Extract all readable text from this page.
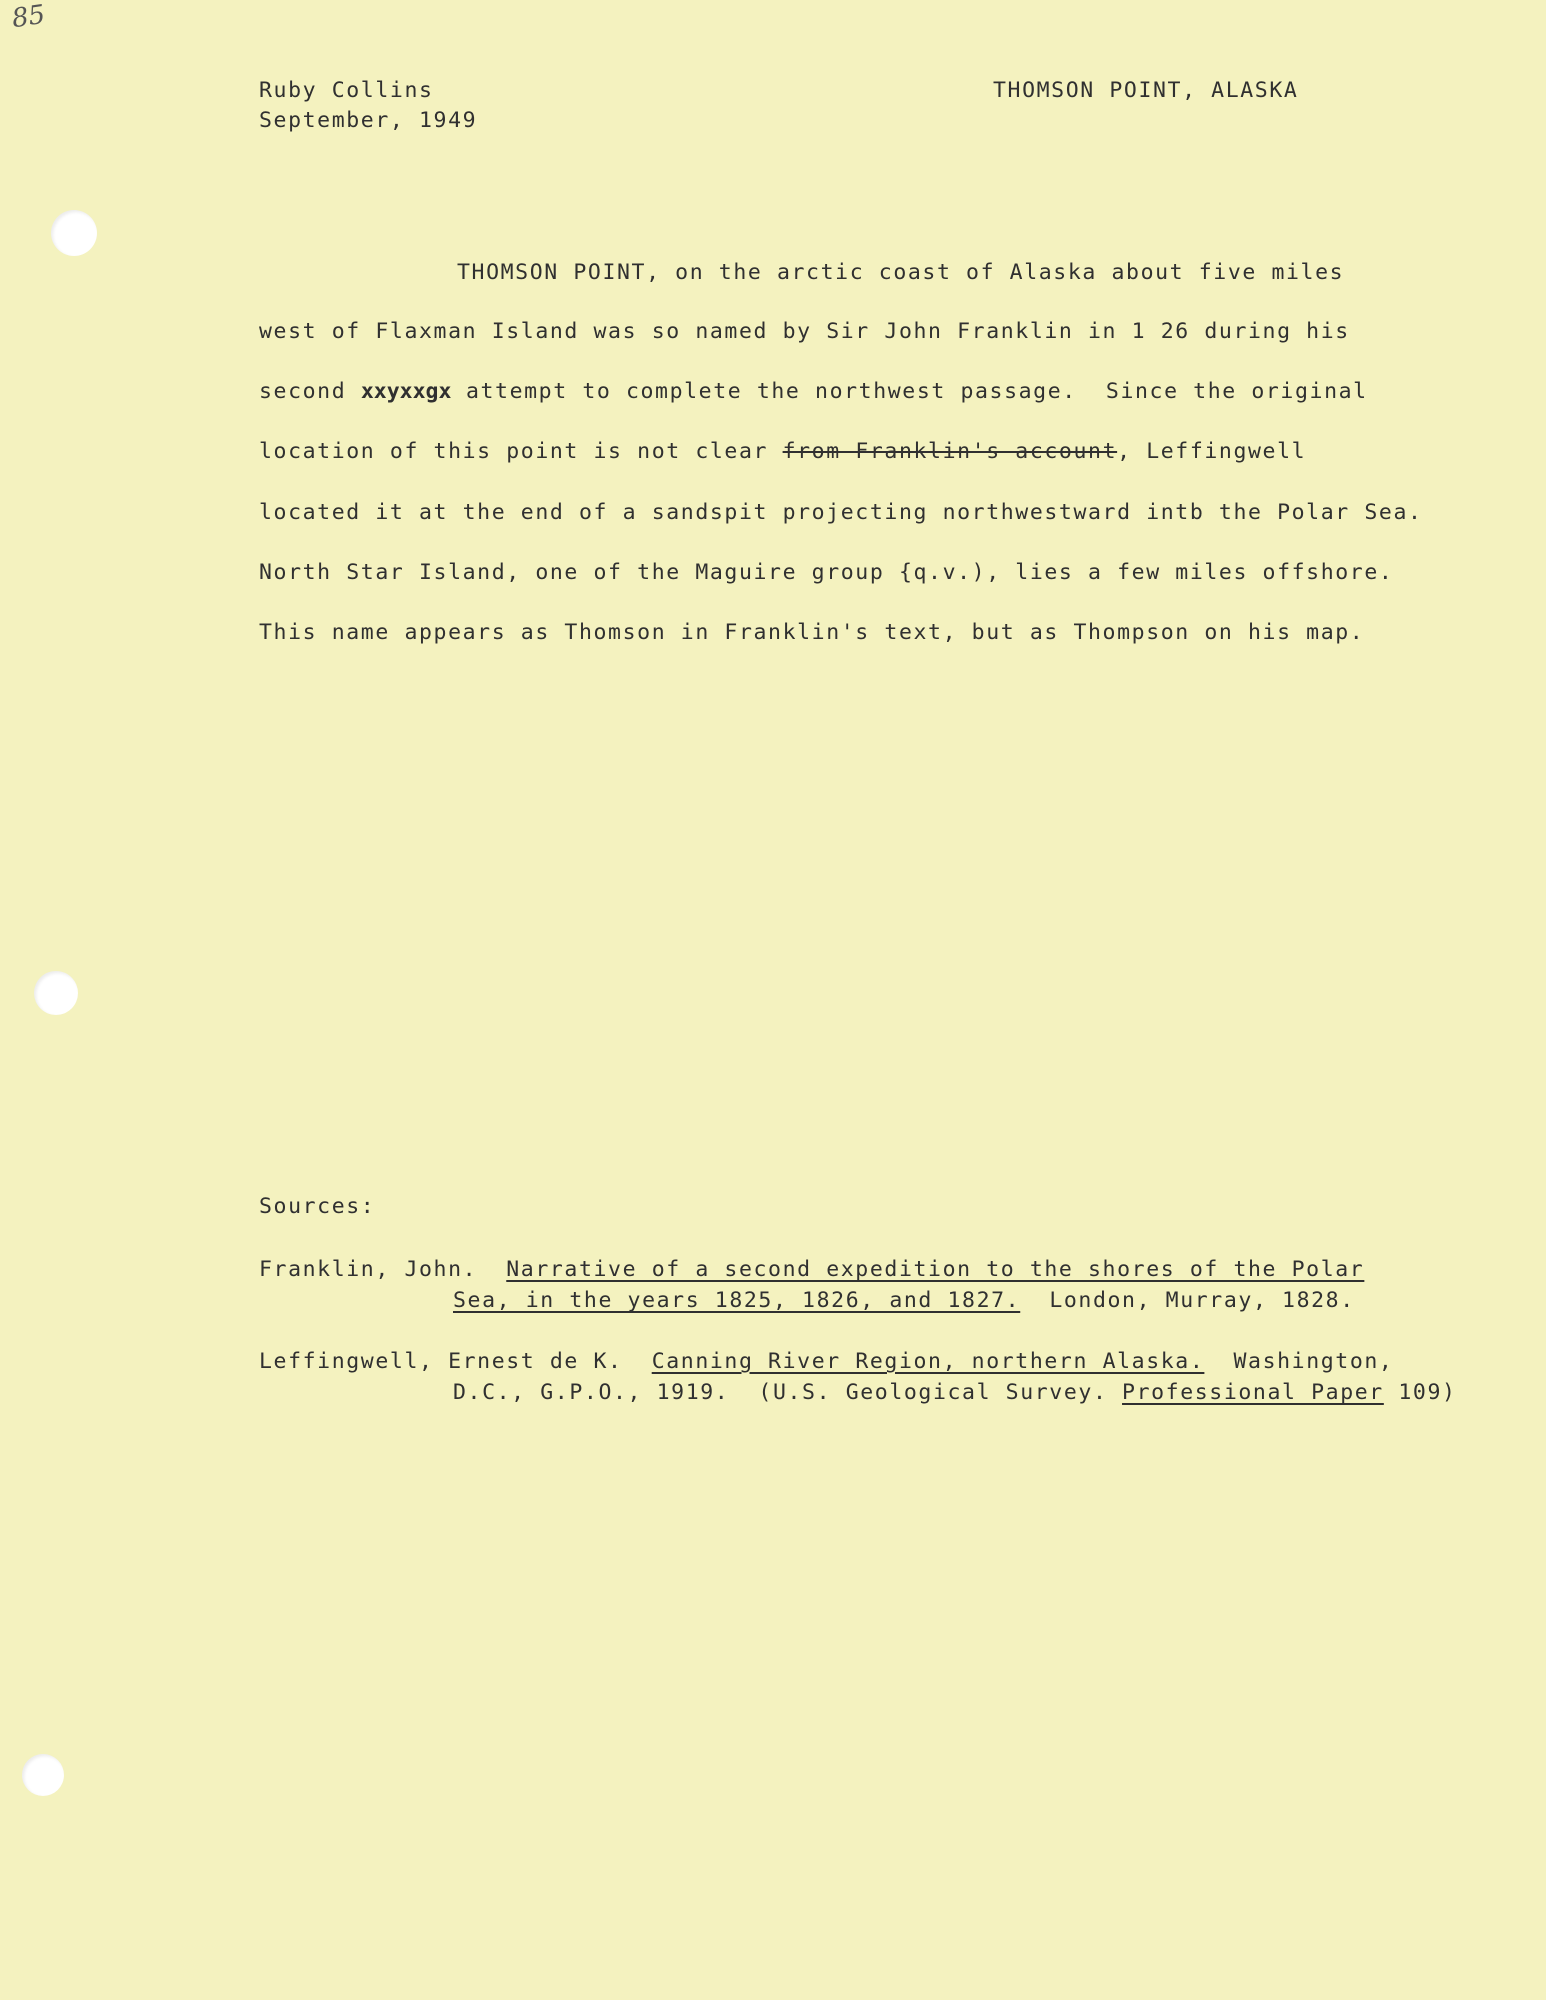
85
Ruby Collins
September, 1949
THOMSON POINT, ALASKA
THOMSON POINT, on the arctic coast of Alaska about five miles
west of Flaxman Island was so named by Sir John Franklin in 1 26 during his
second xxyxxgx attempt to complete the northwest passage.  Since the original
location of this point is not clear from Franklin's account, Leffingwell
located it at the end of a sandspit projecting northwestward intb the Polar Sea.
North Star Island, one of the Maguire group {q.v.), lies a few miles offshore.
This name appears as Thomson in Franklin's text, but as Thompson on his map.
Sources:
Franklin, John.  Narrative of a second expedition to the shores of the Polar
Sea, in the years 1825, 1826, and 1827.  London, Murray, 1828.
Leffingwell, Ernest de K.  Canning River Region, northern Alaska.  Washington,
D.C., G.P.O., 1919.  (U.S. Geological Survey. Professional Paper 109)
